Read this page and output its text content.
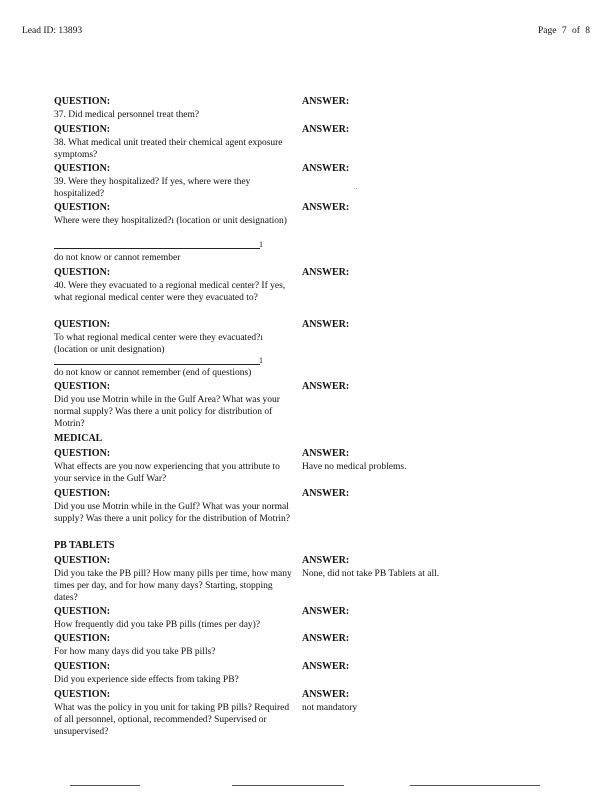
Lead ID: 13893	Page 7 of 8
QUESTION:
37. Did medical personnel treat them?
ANSWER:
QUESTION:
38. What medical unit treated their chemical agent exposure symptoms?
ANSWER:
QUESTION:
39. Were they hospitalized? If yes, where were they hospitalized?
ANSWER:
QUESTION:
Where were they hospitalized?ı (location or unit designation)
ANSWER:
1
do not know or cannot remember
QUESTION:
40. Were they evacuated to a regional medical center? If yes, what regional medical center were they evacuated to?
ANSWER:
QUESTION:
To what regional medical center were they evacuated?ı (location or unit designation)
ANSWER:
1
do not know or cannot remember (end of questions)
QUESTION:
Did you use Motrin while in the Gulf Area? What was your normal supply? Was there a unit policy for distribution of Motrin?
ANSWER:
MEDICAL
QUESTION:
What effects are you now experiencing that you attribute to your service in the Gulf War?
ANSWER:
Have no medical problems.
QUESTION:
Did you use Motrin while in the Gulf? What was your normal supply? Was there a unit policy for the distribution of Motrin?
ANSWER:
PB TABLETS
QUESTION:
Did you take the PB pill? How many pills per time, how many times per day, and for how many days? Starting, stopping dates?
ANSWER:
None, did not take PB Tablets at all.
QUESTION:
How frequently did you take PB pills (times per day)?
ANSWER:
QUESTION:
For how many days did you take PB pills?
ANSWER:
QUESTION:
Did you experience side effects from taking PB?
ANSWER:
QUESTION:
What was the policy in you unit for taking PB pills? Required of all personnel, optional, recommended? Supervised or unsupervised?
ANSWER:
not mandatory
